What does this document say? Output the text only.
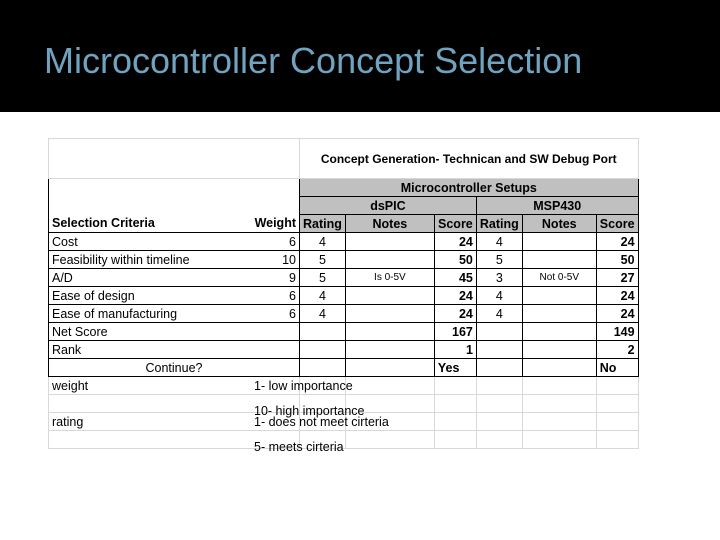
Microcontroller Concept Selection
	Concept Generation- Technican and SW Debug Port					
	Microcontroller Setups					
	dsPIC			MSP430		
Selection Criteria Weight	Rating	Notes	Score	Rating	Notes	Score
Cost 6	4		24	4		24
Feasibility within timeline 10	5		50	5		50
A/D 9	5	Is 0-5V	45	3	Not 0-5V	27
Ease of design 6	4		24	4		24
Ease of manufacturing 6	4		24	4		24
Net Score			167			149
Rank			1			2
Continue?			Yes			No
weight 1- low importance						

10- high importance						

rating 1- does not meet cirteria						

5- meets cirteria						
